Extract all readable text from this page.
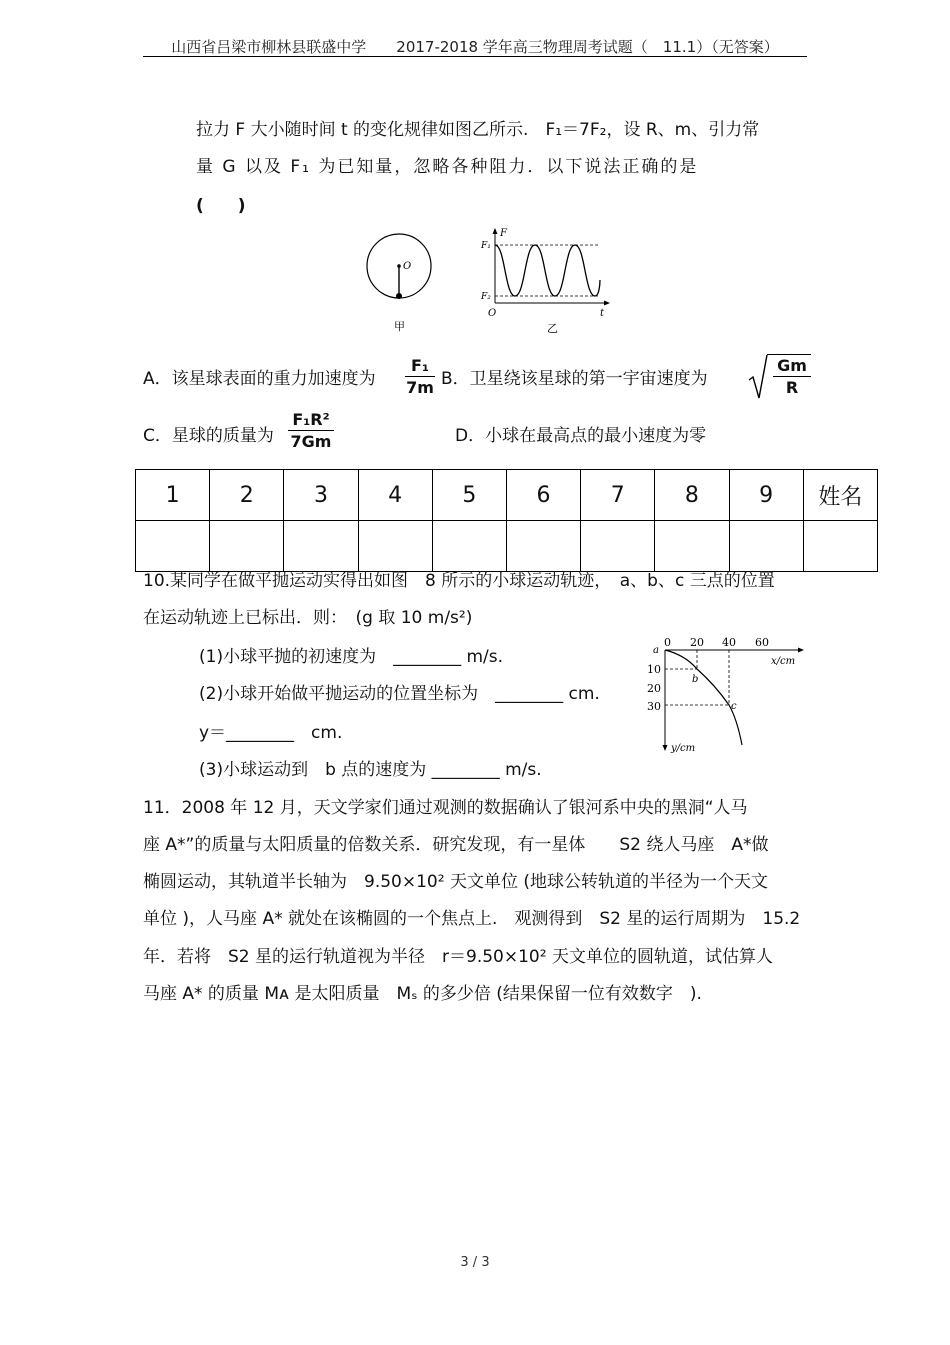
山西省吕梁市柳林县联盛中学　　2017-2018 学年高三物理周考试题（　11.1）（无答案）
拉力 F 大小随时间 t 的变化规律如图乙所示.　F₁＝7F₂，设 R、m、引力常
量 G 以及 F₁ 为已知量，忽略各种阻力．以下说法正确的是
(　　)
O
甲
F
F₁
F₂
O	t
乙
A．该星球表面的重力加速度为
F₁
7m B．卫星绕该星球的第一宇宙速度为
Gm
R
C．星球的质量为
F₁R²
7Gm	D．小球在最高点的最小速度为零
1	2	3	4	5	6	7	8	9	姓名

10.某同学在做平抛运动实得出如图　8 所示的小球运动轨迹，　a、b、c 三点的位置
在运动轨迹上已标出．则：　(g 取 10 m/s²)
(1)小球平抛的初速度为　________ m/s.
(2)小球开始做平抛运动的位置坐标为　________ cm.
y＝________　cm.
(3)小球运动到　b 点的速度为 ________ m/s.
0 20 40 60
10
20
30
a
b
c
x/cm
y/cm
11．2008 年 12 月，天文学家们通过观测的数据确认了银河系中央的黑洞“人马
座 A*”的质量与太阳质量的倍数关系．研究发现，有一星体　　S2 绕人马座　A*做
椭圆运动，其轨道半长轴为　9.50×10² 天文单位 (地球公转轨道的半径为一个天文
单位 )，人马座 A* 就处在该椭圆的一个焦点上.　观测得到　S2 星的运行周期为　15.2
年．若将　S2 星的运行轨道视为半径　r＝9.50×10² 天文单位的圆轨道，试估算人
马座 A* 的质量 Mᴀ 是太阳质量　Mₛ 的多少倍 (结果保留一位有效数字　).
3 / 3
